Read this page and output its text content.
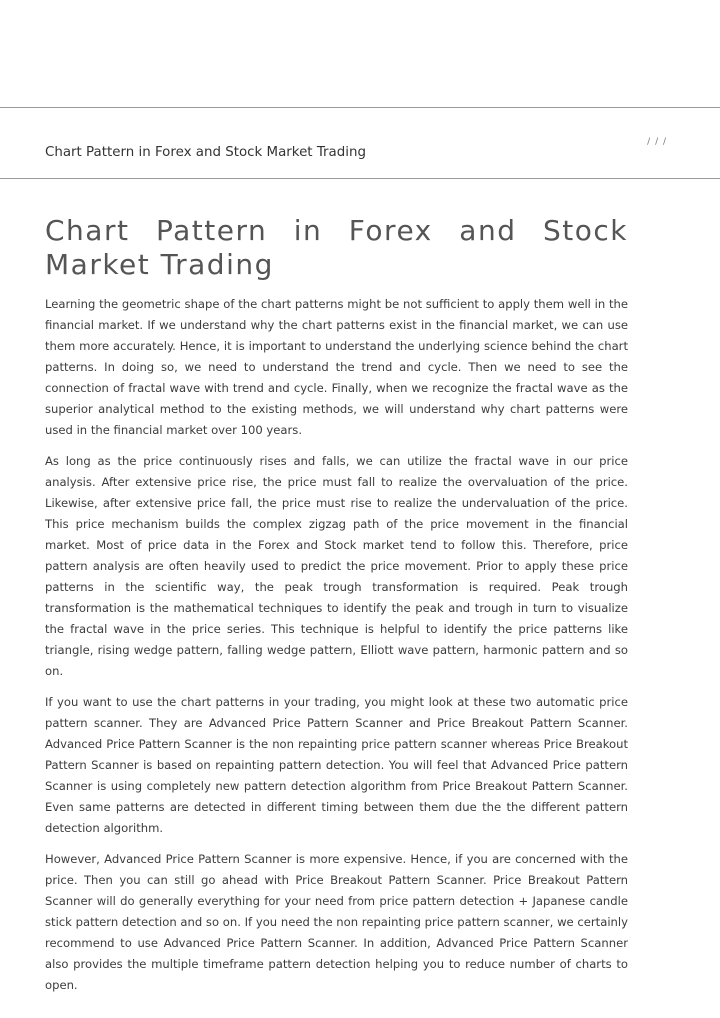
Chart Pattern in Forex and Stock Market Trading
/ / /
Chart Pattern in Forex and Stock Market Trading

Learning the geometric shape of the chart patterns might be not sufficient to apply them well in the financial market. If we understand why the chart patterns exist in the financial market, we can use them more accurately. Hence, it is important to understand the underlying science behind the chart patterns. In doing so, we need to understand the trend and cycle. Then we need to see the connection of fractal wave with trend and cycle. Finally, when we recognize the fractal wave as the superior analytical method to the existing methods, we will understand why chart patterns were used in the financial market over 100 years.

As long as the price continuously rises and falls, we can utilize the fractal wave in our price analysis. After extensive price rise, the price must fall to realize the overvaluation of the price. Likewise, after extensive price fall, the price must rise to realize the undervaluation of the price. This price mechanism builds the complex zigzag path of the price movement in the financial market. Most of price data in the Forex and Stock market tend to follow this. Therefore, price pattern analysis are often heavily used to predict the price movement. Prior to apply these price patterns in the scientific way, the peak trough transformation is required. Peak trough transformation is the mathematical techniques to identify the peak and trough in turn to visualize the fractal wave in the price series. This technique is helpful to identify the price patterns like triangle, rising wedge pattern, falling wedge pattern, Elliott wave pattern, harmonic pattern and so on.

If you want to use the chart patterns in your trading, you might look at these two automatic price pattern scanner. They are Advanced Price Pattern Scanner and Price Breakout Pattern Scanner. Advanced Price Pattern Scanner is the non repainting price pattern scanner whereas Price Breakout Pattern Scanner is based on repainting pattern detection. You will feel that Advanced Price pattern Scanner is using completely new pattern detection algorithm from Price Breakout Pattern Scanner. Even same patterns are detected in different timing between them due the the different pattern detection algorithm.

However, Advanced Price Pattern Scanner is more expensive. Hence, if you are concerned with the price. Then you can still go ahead with Price Breakout Pattern Scanner. Price Breakout Pattern Scanner will do generally everything for your need from price pattern detection + Japanese candle stick pattern detection and so on. If you need the non repainting price pattern scanner, we certainly recommend to use Advanced Price Pattern Scanner. In addition, Advanced Price Pattern Scanner also provides the multiple timeframe pattern detection helping you to reduce number of charts to open.
